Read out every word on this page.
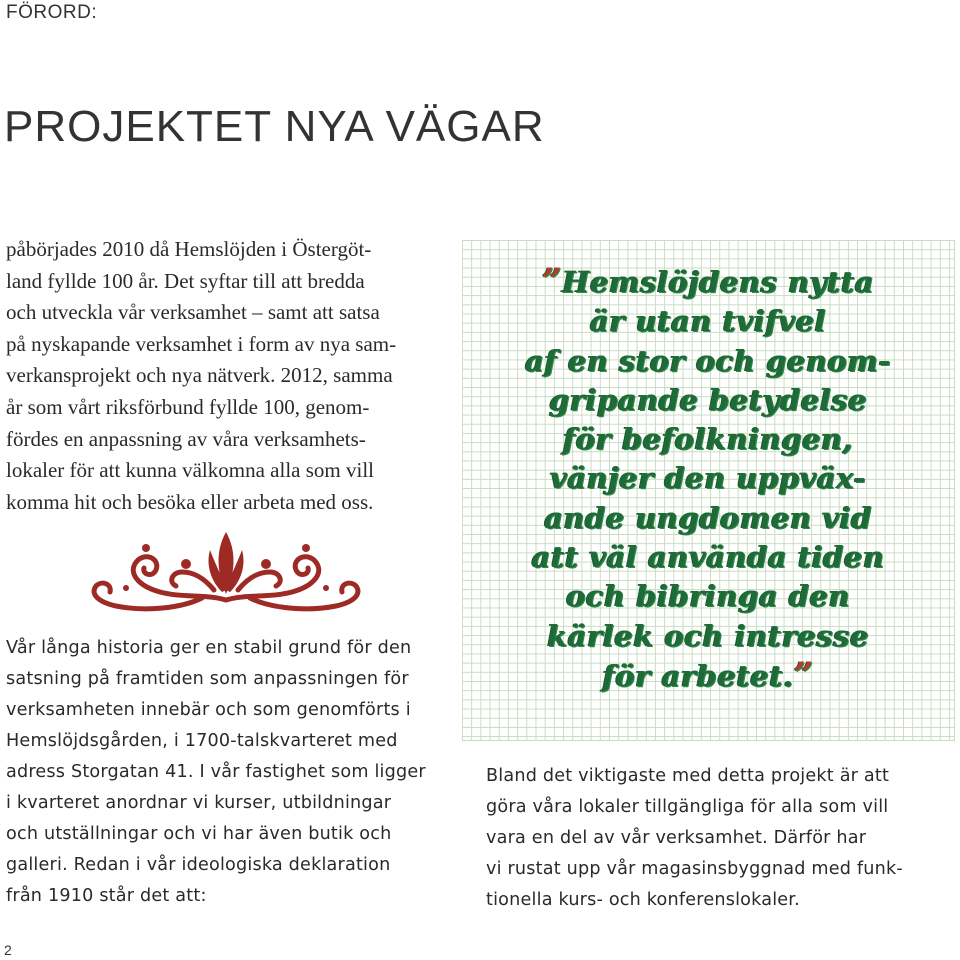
FÖRORD:
PROJEKTET NYA VÄGAR
påbörjades 2010 då Hemslöjden i Östergöt-
land fyllde 100 år. Det syftar till att bredda
och utveckla vår verksamhet – samt att satsa
på nyskapande verksamhet i form av nya sam-
verkansprojekt och nya nätverk. 2012, samma
år som vårt riksförbund fyllde 100, genom-
fördes en anpassning av våra verksamhets-
lokaler för att kunna välkomna alla som vill
komma hit och besöka eller arbeta med oss.
Vår långa historia ger en stabil grund för den
satsning på framtiden som anpassningen för
verksamheten innebär och som genomförts i
Hemslöjdsgården, i 1700-talskvarteret med
adress Storgatan 41. I vår fastighet som ligger
i kvarteret anordnar vi kurser, utbildningar
och utställningar och vi har även butik och
galleri. Redan i vår ideologiska deklaration
från 1910 står det att:
”Hemslöjdens nytta
är utan tvifvel
af en stor och genom-
gripande betydelse
för befolkningen,
vänjer den uppväx-
ande ungdomen vid
att väl använda tiden
och bibringa den
kärlek och intresse
för arbetet.”
Bland det viktigaste med detta projekt är att
göra våra lokaler tillgängliga för alla som vill
vara en del av vår verksamhet. Därför har
vi rustat upp vår magasinsbyggnad med funk-
tionella kurs- och konferenslokaler.
2
